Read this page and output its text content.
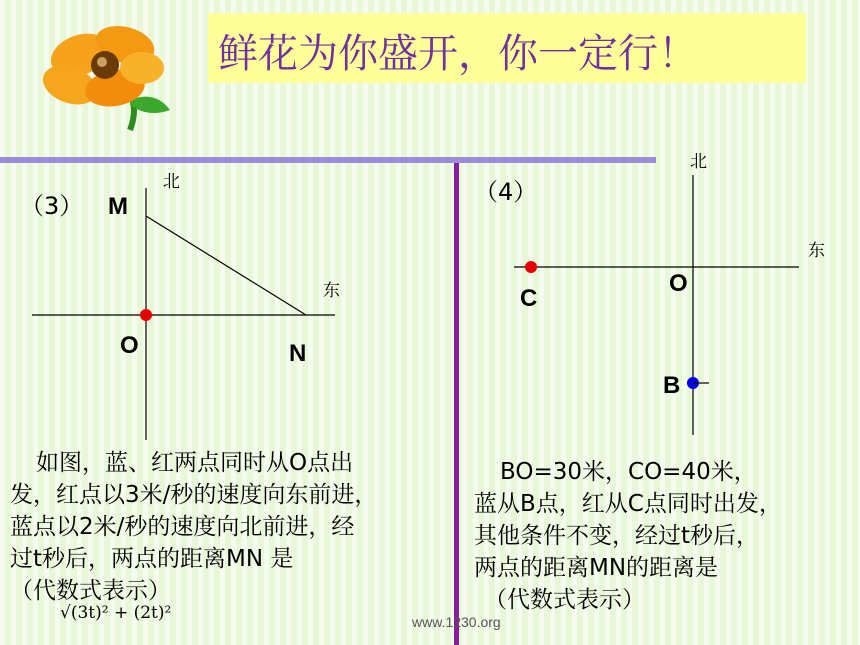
鲜花为你盛开，你一定行！
（3）
北
东
M
O	N
如图，蓝、红两点同时从O点出
发，红点以3米/秒的速度向东前进，
蓝点以2米/秒的速度向北前进，经
过t秒后，两点的距离MN 是
（代数式表示）
√(3t)² + (2t)²
（4）
北
东
O
C
B
BO=30米，CO=40米，
蓝从B点，红从C点同时出发，
其他条件不变，经过t秒后，
两点的距离MN的距离是
（代数式表示）
www.1230.org
